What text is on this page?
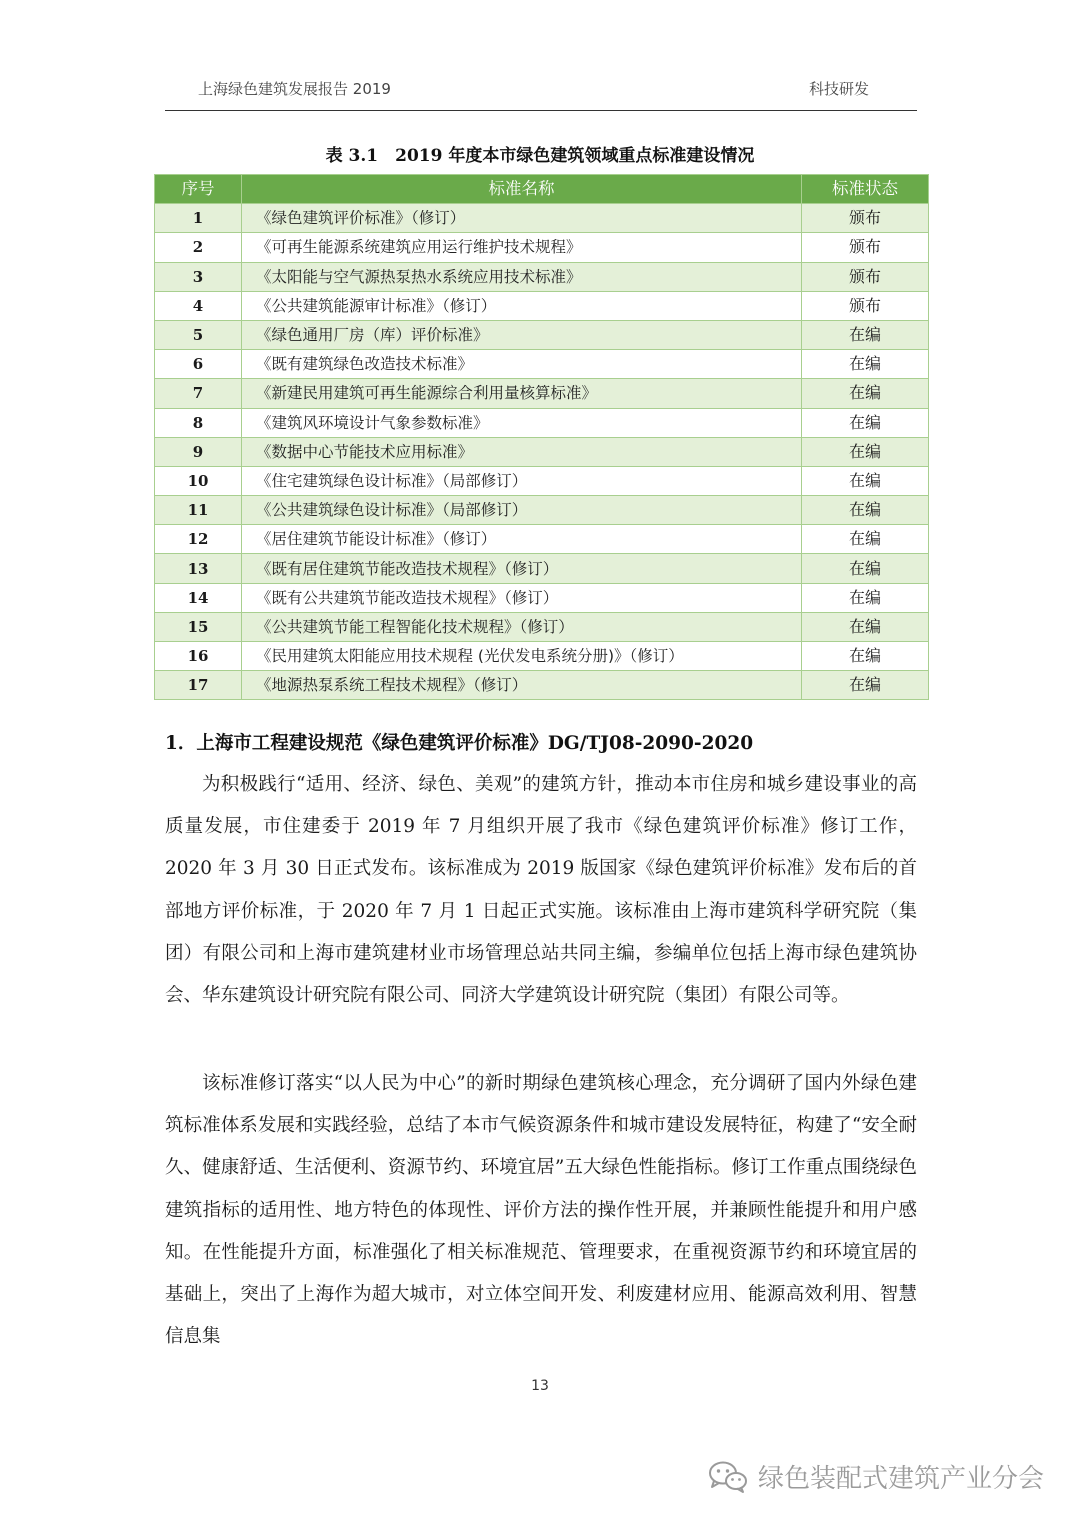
上海绿色建筑发展报告 2019	科技研发
表 3.1　2019 年度本市绿色建筑领域重点标准建设情况
序号	标准名称	标准状态
1	《绿色建筑评价标准》（修订）	颁布
2	《可再生能源系统建筑应用运行维护技术规程》	颁布
3	《太阳能与空气源热泵热水系统应用技术标准》	颁布
4	《公共建筑能源审计标准》（修订）	颁布
5	《绿色通用厂房（库）评价标准》	在编
6	《既有建筑绿色改造技术标准》	在编
7	《新建民用建筑可再生能源综合利用量核算标准》	在编
8	《建筑风环境设计气象参数标准》	在编
9	《数据中心节能技术应用标准》	在编
10	《住宅建筑绿色设计标准》（局部修订）	在编
11	《公共建筑绿色设计标准》（局部修订）	在编
12	《居住建筑节能设计标准》（修订）	在编
13	《既有居住建筑节能改造技术规程》（修订）	在编
14	《既有公共建筑节能改造技术规程》（修订）	在编
15	《公共建筑节能工程智能化技术规程》（修订）	在编
16	《民用建筑太阳能应用技术规程 (光伏发电系统分册)》（修订）	在编
17	《地源热泵系统工程技术规程》（修订）	在编
1．上海市工程建设规范《绿色建筑评价标准》DG/TJ08-2090-2020

为积极践行“适用、经济、绿色、美观”的建筑方针，推动本市住房和城乡建设事业的高质量发展，市住建委于 2019 年 7 月组织开展了我市《绿色建筑评价标准》修订工作，2020 年 3 月 30 日正式发布。该标准成为 2019 版国家《绿色建筑评价标准》发布后的首部地方评价标准，于 2020 年 7 月 1 日起正式实施。该标准由上海市建筑科学研究院（集团）有限公司和上海市建筑建材业市场管理总站共同主编，参编单位包括上海市绿色建筑协会、华东建筑设计研究院有限公司、同济大学建筑设计研究院（集团）有限公司等。

该标准修订落实“以人民为中心”的新时期绿色建筑核心理念，充分调研了国内外绿色建筑标准体系发展和实践经验，总结了本市气候资源条件和城市建设发展特征，构建了“安全耐久、健康舒适、生活便利、资源节约、环境宜居”五大绿色性能指标。修订工作重点围绕绿色建筑指标的适用性、地方特色的体现性、评价方法的操作性开展，并兼顾性能提升和用户感知。在性能提升方面，标准强化了相关标准规范、管理要求，在重视资源节约和环境宜居的基础上，突出了上海作为超大城市，对立体空间开发、利废建材应用、能源高效利用、智慧信息集

13
绿色装配式建筑产业分会
